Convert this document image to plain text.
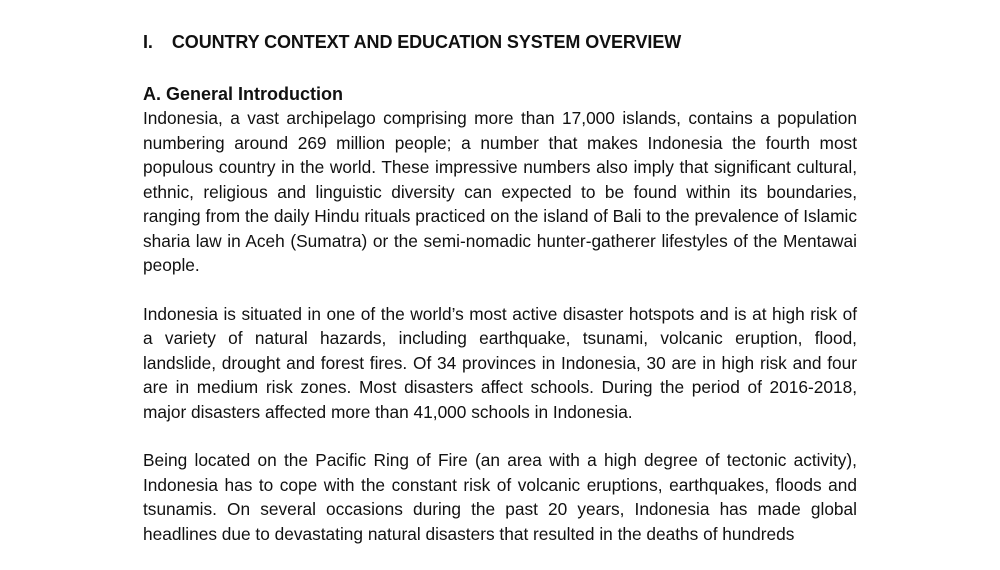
I. COUNTRY CONTEXT AND EDUCATION SYSTEM OVERVIEW
A. General Introduction

Indonesia, a vast archipelago comprising more than 17,000 islands, contains a population numbering around 269 million people; a number that makes Indonesia the fourth most populous country in the world. These impressive numbers also imply that significant cultural, ethnic, religious and linguistic diversity can expected to be found within its boundaries, ranging from the daily Hindu rituals practiced on the island of Bali to the prevalence of Islamic sharia law in Aceh (Sumatra) or the semi-nomadic hunter-gatherer lifestyles of the Mentawai people.

Indonesia is situated in one of the world’s most active disaster hotspots and is at high risk of a variety of natural hazards, including earthquake, tsunami, volcanic eruption, flood, landslide, drought and forest fires. Of 34 provinces in Indonesia, 30 are in high risk and four are in medium risk zones. Most disasters affect schools. During the period of 2016-2018, major disasters affected more than 41,000 schools in Indonesia.

Being located on the Pacific Ring of Fire (an area with a high degree of tectonic activity), Indonesia has to cope with the constant risk of volcanic eruptions, earthquakes, floods and tsunamis. On several occasions during the past 20 years, Indonesia has made global headlines due to devastating natural disasters that resulted in the deaths of hundreds
